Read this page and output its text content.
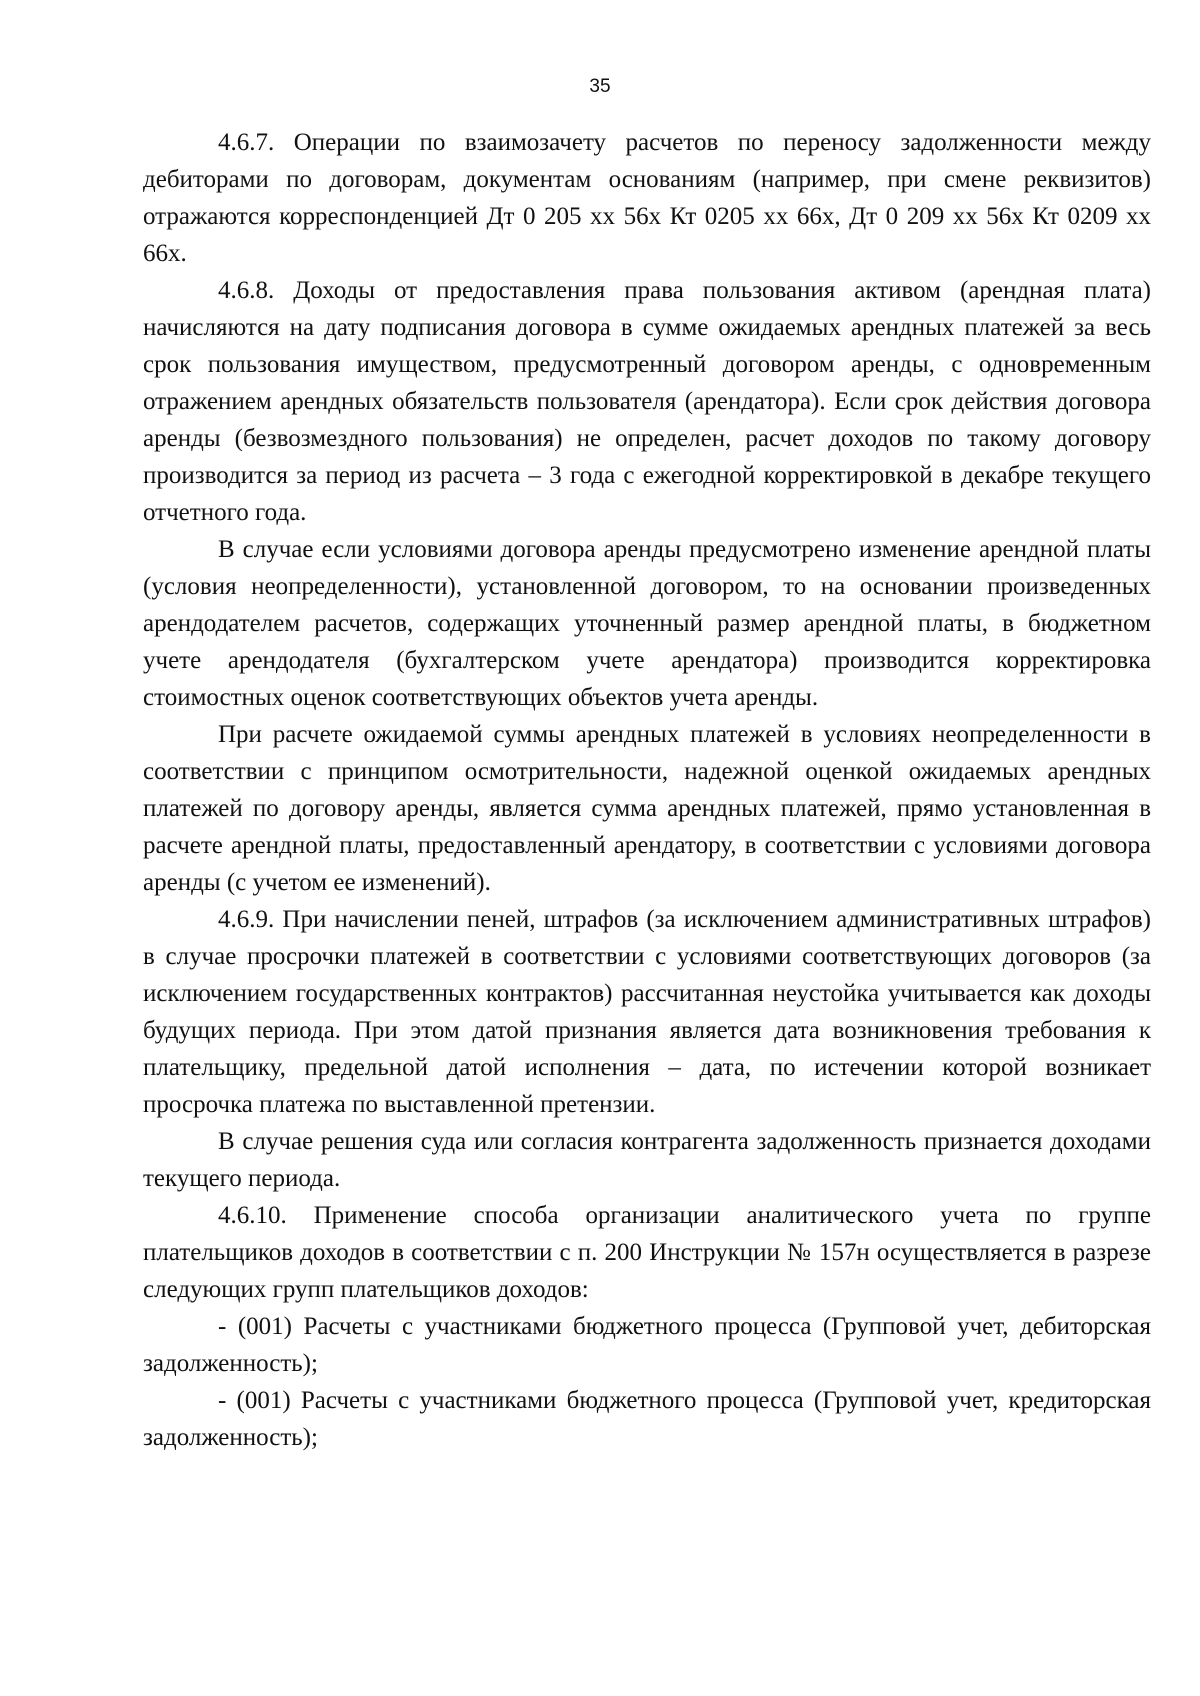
35

4.6.7. Операции по взаимозачету расчетов по переносу задолженности между дебиторами по договорам, документам основаниям (например, при смене реквизитов) отражаются корреспонденцией Дт 0 205 хх 56х Кт 0205 хх 66х, Дт 0 209 хх 56х Кт 0209 хх 66х.

4.6.8. Доходы от предоставления права пользования активом (арендная плата) начисляются на дату подписания договора в сумме ожидаемых арендных платежей за весь срок пользования имуществом, предусмотренный договором аренды, с одновременным отражением арендных обязательств пользователя (арендатора). Если срок действия договора аренды (безвозмездного пользования) не определен, расчет доходов по такому договору производится за период из расчета – 3 года с ежегодной корректировкой в декабре текущего отчетного года.

В случае если условиями договора аренды предусмотрено изменение арендной платы (условия неопределенности), установленной договором, то на основании произведенных арендодателем расчетов, содержащих уточненный размер арендной платы, в бюджетном учете арендодателя (бухгалтерском учете арендатора) производится корректировка стоимостных оценок соответствующих объектов учета аренды.

При расчете ожидаемой суммы арендных платежей в условиях неопределенности в соответствии с принципом осмотрительности, надежной оценкой ожидаемых арендных платежей по договору аренды, является сумма арендных платежей, прямо установленная в расчете арендной платы, предоставленный арендатору, в соответствии с условиями договора аренды (с учетом ее изменений).

4.6.9. При начислении пеней, штрафов (за исключением административных штрафов) в случае просрочки платежей в соответствии с условиями соответствующих договоров (за исключением государственных контрактов) рассчитанная неустойка учитывается как доходы будущих периода. При этом датой признания является дата возникновения требования к плательщику, предельной датой исполнения – дата, по истечении которой возникает просрочка платежа по выставленной претензии.

В случае решения суда или согласия контрагента задолженность признается доходами текущего периода.

4.6.10. Применение способа организации аналитического учета по группе плательщиков доходов в соответствии с п. 200 Инструкции № 157н осуществляется в разрезе следующих групп плательщиков доходов:

- (001) Расчеты с участниками бюджетного процесса (Групповой учет, дебиторская задолженность);

- (001) Расчеты с участниками бюджетного процесса (Групповой учет, кредиторская задолженность);
